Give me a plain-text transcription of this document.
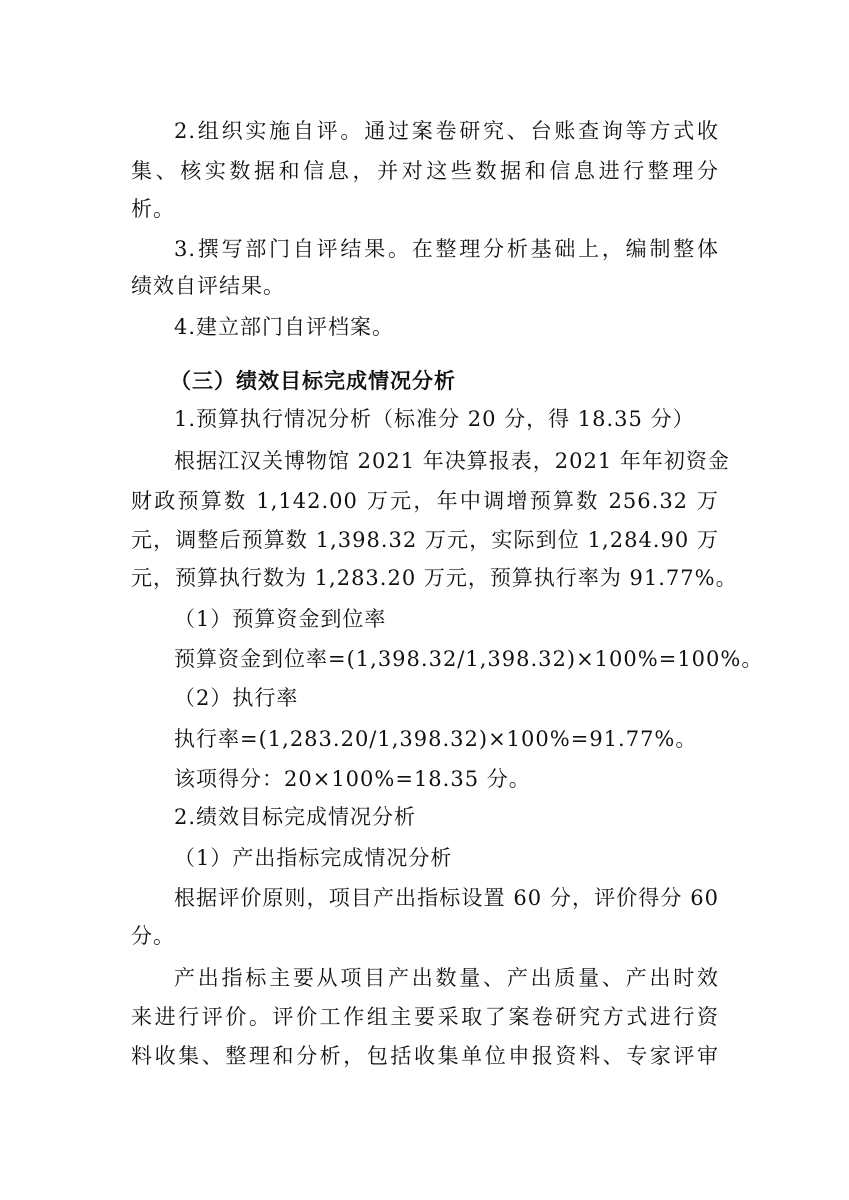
2.组织实施自评。通过案卷研究、台账查询等方式收

集、核实数据和信息，并对这些数据和信息进行整理分

析。

3.撰写部门自评结果。在整理分析基础上，编制整体

绩效自评结果。

4.建立部门自评档案。

（三）绩效目标完成情况分析

1.预算执行情况分析（标准分 20 分，得 18.35 分）

根据江汉关博物馆 2021 年决算报表，2021 年年初资金

财政预算数 1,142.00 万元，年中调增预算数 256.32 万

元，调整后预算数 1,398.32 万元，实际到位 1,284.90 万

元，预算执行数为 1,283.20 万元，预算执行率为 91.77%。

（1）预算资金到位率

预算资金到位率=(1,398.32/1,398.32)×100%=100%。

（2）执行率

执行率=(1,283.20/1,398.32)×100%=91.77%。

该项得分：20×100%=18.35 分。

2.绩效目标完成情况分析

（1）产出指标完成情况分析

根据评价原则，项目产出指标设置 60 分，评价得分 60

分。

产出指标主要从项目产出数量、产出质量、产出时效

来进行评价。评价工作组主要采取了案卷研究方式进行资

料收集、整理和分析，包括收集单位申报资料、专家评审
